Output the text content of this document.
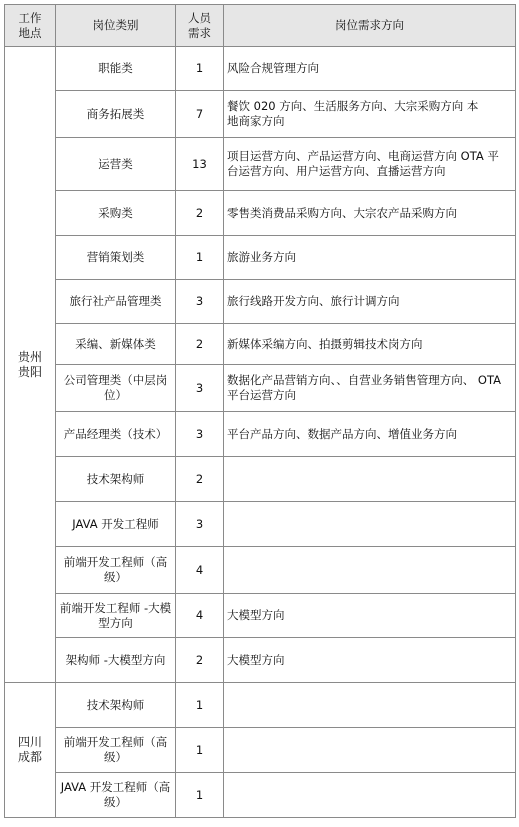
工作地点	岗位类别	人员需求	岗位需求方向

贵州贵阳	职能类	1	风险合规管理方向
	商务拓展类	7	餐饮 020 方向、生活服务方向、大宗采购方向 本地商家方向

	运营类	13	项目运营方向、产品运营方向、电商运营方向 OTA 平台运营方向、用户运营方向、直播运营方向

	采购类	2	零售类消费品采购方向、大宗农产品采购方向
	营销策划类	1	旅游业务方向
	旅行社产品管理类	3	旅行线路开发方向、旅行计调方向
	采编、新媒体类	2	新媒体采编方向、拍摄剪辑技术岗方向
	公司管理类（中层岗位）	3	数据化产品营销方向、、自营业务销售管理方向、 OTA 平台运营方向

	产品经理类（技术）	3	平台产品方向、数据产品方向、增值业务方向
	技术架构师	2	
	JAVA 开发工程师	3	
	前端开发工程师（高级）	4	
	前端开发工程师 -大模型方向	4	大模型方向
	架构师 -大模型方向	2	大模型方向

四川成都	技术架构师	1	
	前端开发工程师（高级）	1	
	JAVA 开发工程师（高级）	1	
